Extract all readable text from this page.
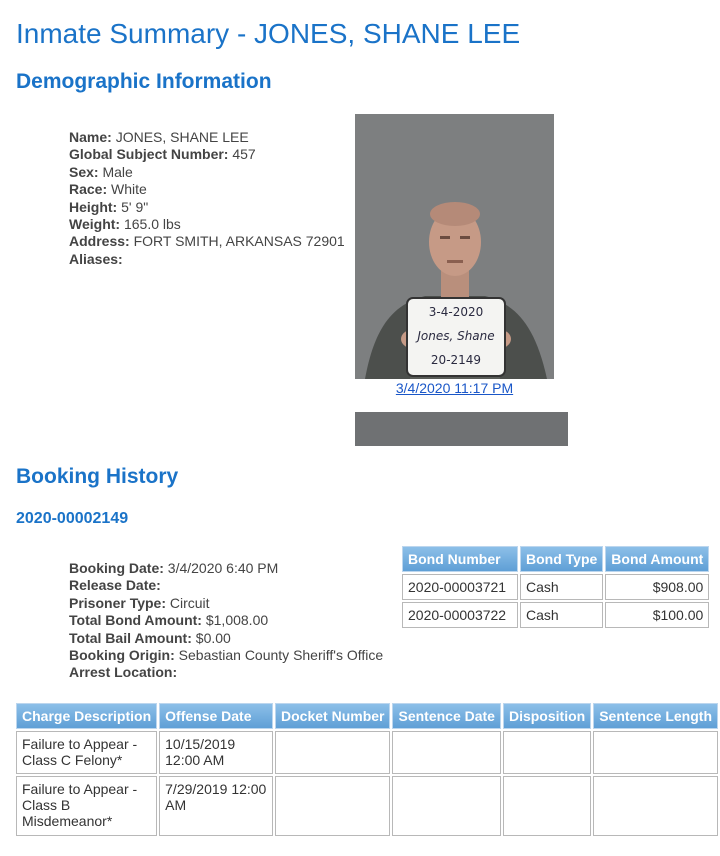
Inmate Summary - JONES, SHANE LEE
Demographic Information
Name: JONES, SHANE LEE
Global Subject Number: 457
Sex: Male
Race: White
Height: 5' 9"
Weight: 165.0 lbs
Address: FORT SMITH, ARKANSAS 72901
Aliases:
3-4-2020
Jones, Shane
20-2149
3/4/2020 11:17 PM
Booking History
2020-00002149
Booking Date: 3/4/2020 6:40 PM
Release Date:
Prisoner Type: Circuit
Total Bond Amount: $1,008.00
Total Bail Amount: $0.00
Booking Origin: Sebastian County Sheriff's Office
Arrest Location:
Bond Number	Bond Type	Bond Amount
2020-00003721	Cash	$908.00
2020-00003722	Cash	$100.00
Charge Description	Offense Date	Docket Number	Sentence Date	Disposition	Sentence Length
Failure to Appear - Class C Felony*	10/15/2019 12:00 AM				
Failure to Appear - Class B Misdemeanor*	7/29/2019 12:00 AM				
